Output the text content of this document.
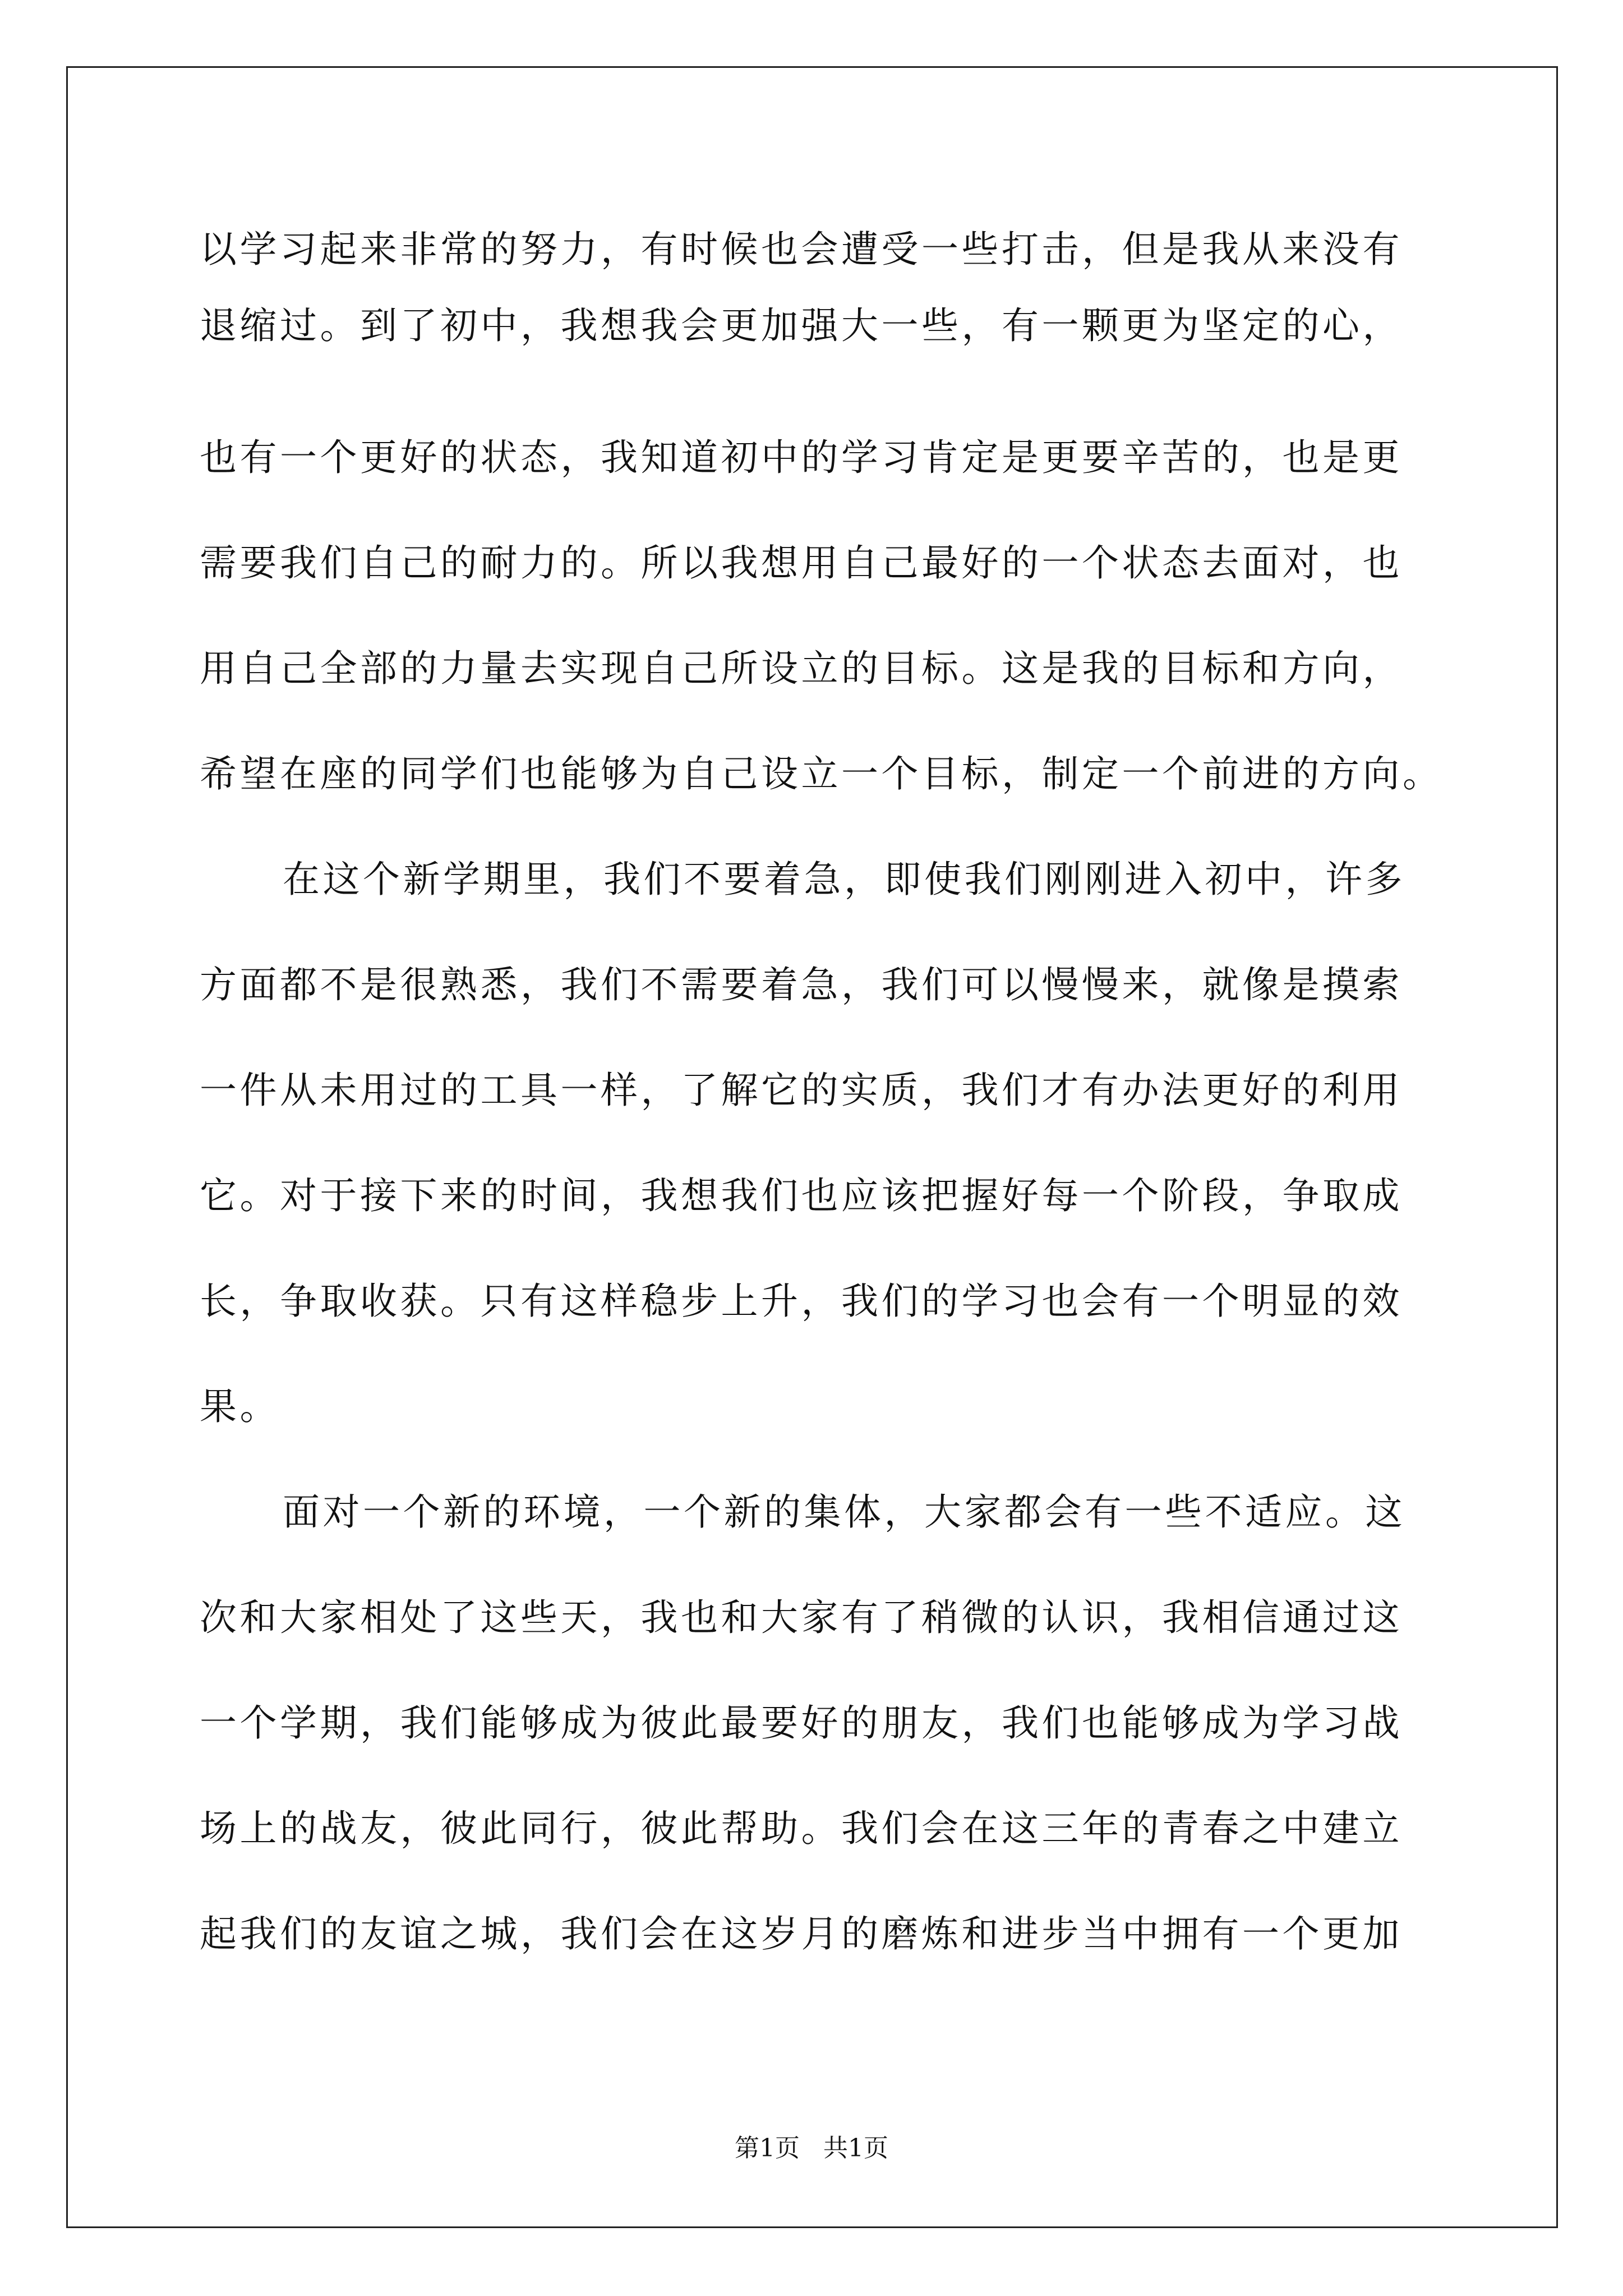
以学习起来非常的努力，有时候也会遭受一些打击，但是我从来没有

退缩过。到了初中，我想我会更加强大一些，有一颗更为坚定的心，

也有一个更好的状态，我知道初中的学习肯定是更要辛苦的，也是更

需要我们自己的耐力的。所以我想用自己最好的一个状态去面对，也

用自己全部的力量去实现自己所设立的目标。这是我的目标和方向，

希望在座的同学们也能够为自己设立一个目标，制定一个前进的方向。

在这个新学期里，我们不要着急，即使我们刚刚进入初中，许多

方面都不是很熟悉，我们不需要着急，我们可以慢慢来，就像是摸索

一件从未用过的工具一样，了解它的实质，我们才有办法更好的利用

它。对于接下来的时间，我想我们也应该把握好每一个阶段，争取成

长，争取收获。只有这样稳步上升，我们的学习也会有一个明显的效

果。

面对一个新的环境，一个新的集体，大家都会有一些不适应。这

次和大家相处了这些天，我也和大家有了稍微的认识，我相信通过这

一个学期，我们能够成为彼此最要好的朋友，我们也能够成为学习战

场上的战友，彼此同行，彼此帮助。我们会在这三年的青春之中建立

起我们的友谊之城，我们会在这岁月的磨炼和进步当中拥有一个更加

第1页   共1页
